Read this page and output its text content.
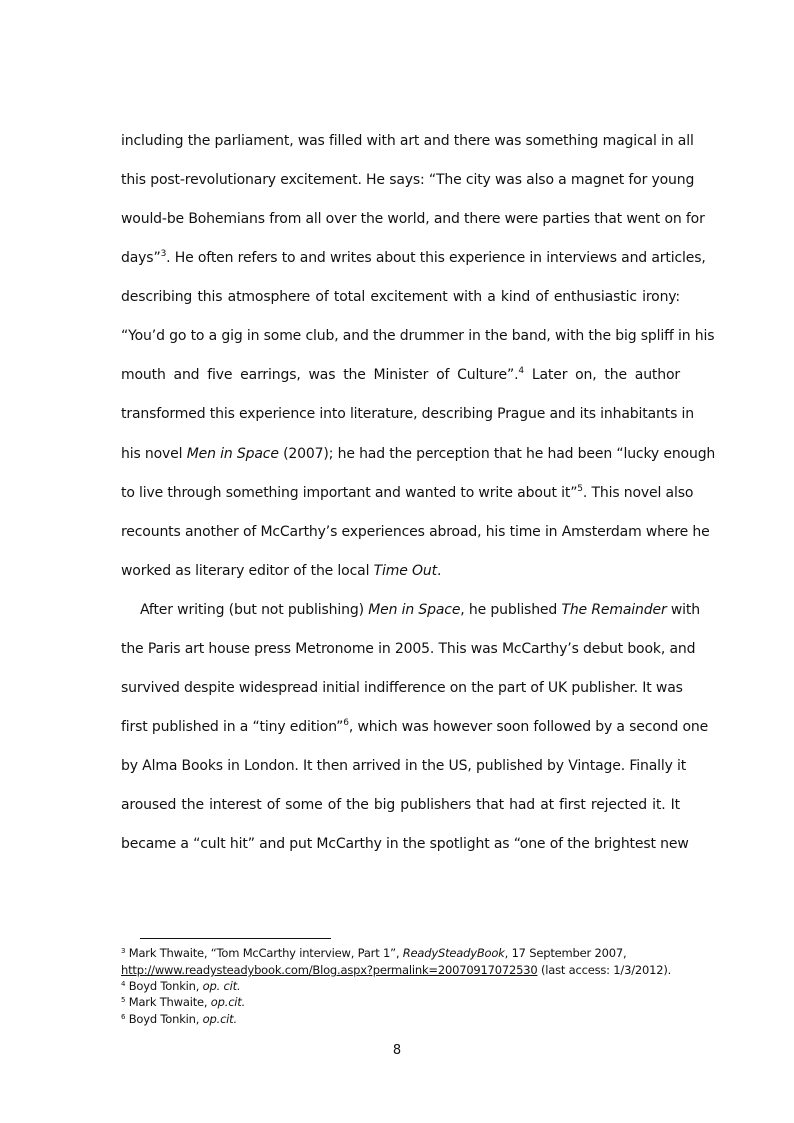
including the parliament, was filled with art and there was something magical in all
this post-revolutionary excitement. He says: “The city was also a magnet for young
would-be Bohemians from all over the world, and there were parties that went on for
days”$^3$. He often refers to and writes about this experience in interviews and articles,
describing this atmosphere of total excitement with a kind of enthusiastic irony:
“You’d go to a gig in some club, and the drummer in the band, with the big spliff in his
mouth and five earrings, was the Minister of Culture”.$^4$ Later on, the author
transformed this experience into literature, describing Prague and its inhabitants in
his novel Men in Space (2007); he had the perception that he had been “lucky enough
to live through something important and wanted to write about it”$^5$. This novel also
recounts another of McCarthy’s experiences abroad, his time in Amsterdam where he
worked as literary editor of the local Time Out.
After writing (but not publishing) Men in Space, he published The Remainder with
the Paris art house press Metronome in 2005. This was McCarthy’s debut book, and
survived despite widespread initial indifference on the part of UK publisher. It was
first published in a “tiny edition”$^6$, which was however soon followed by a second one
by Alma Books in London. It then arrived in the US, published by Vintage. Finally it
aroused the interest of some of the big publishers that had at first rejected it. It
became a “cult hit” and put McCarthy in the spotlight as “one of the brightest new
$^3$ Mark Thwaite, “Tom McCarthy interview, Part 1”, ReadySteadyBook, 17 September 2007,
http://www.readysteadybook.com/Blog.aspx?permalink=20070917072530 (last access: 1/3/2012).
$^4$ Boyd Tonkin, op. cit.
$^5$ Mark Thwaite, op.cit.
$^6$ Boyd Tonkin, op.cit.
8
